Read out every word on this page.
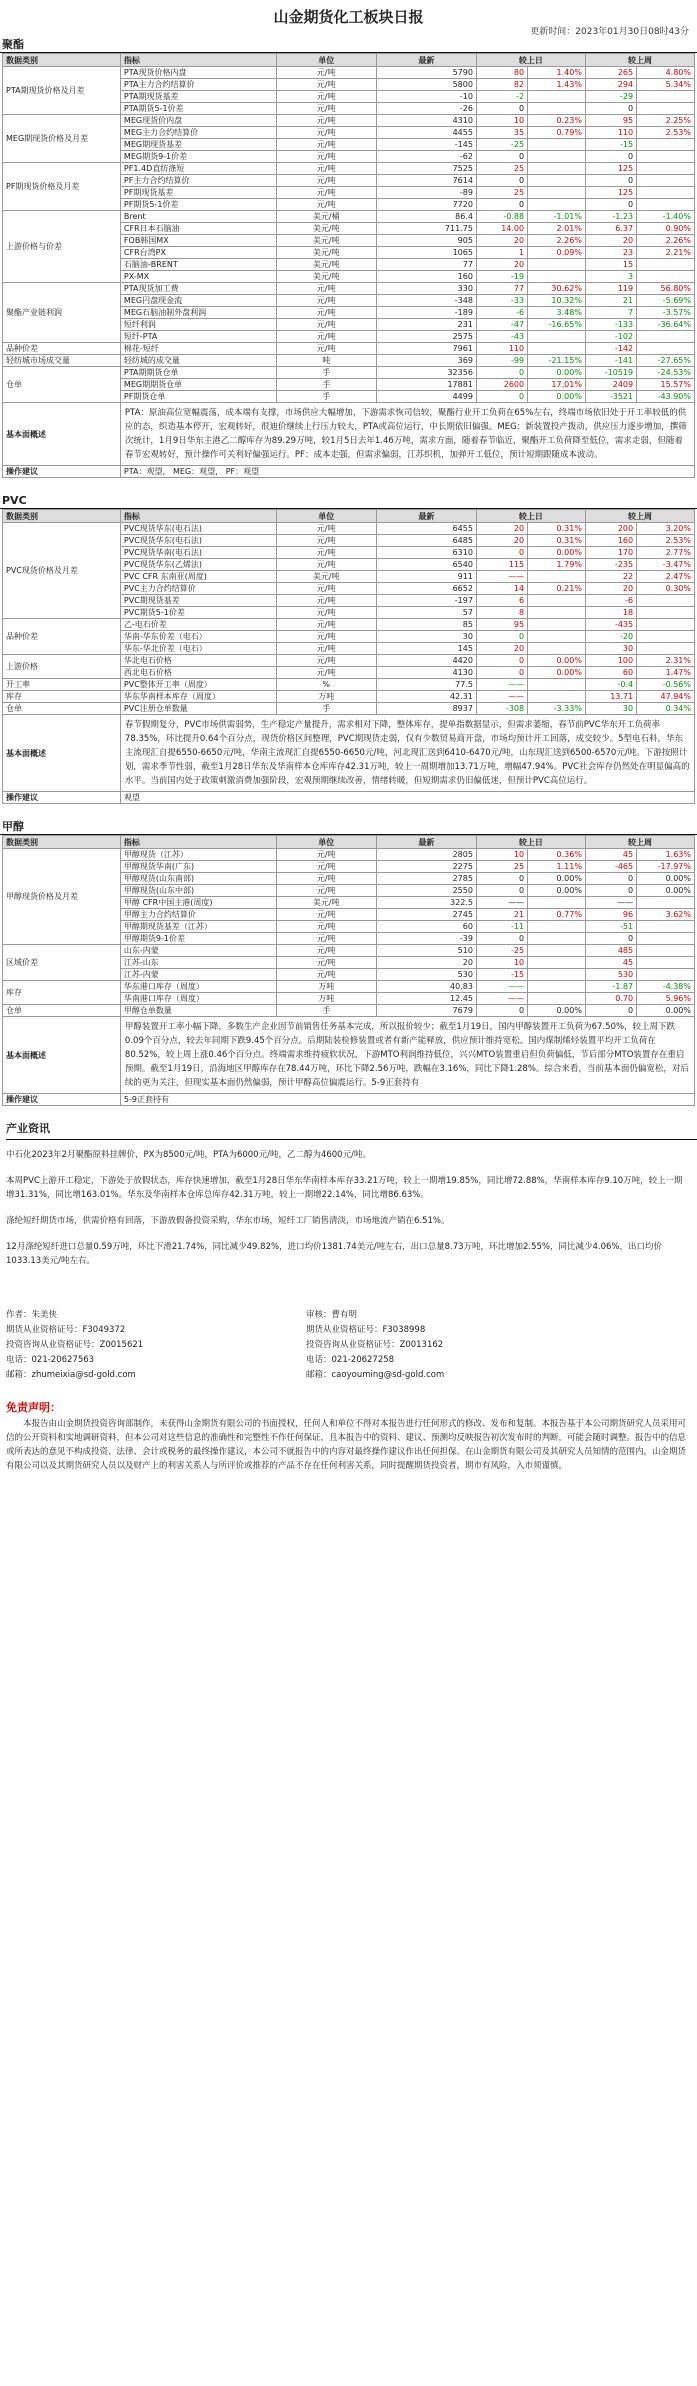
山金期货化工板块日报
更新时间：2023年01月30日08时43分
聚酯
数据类别	指标	单位	最新	较上日		较上周	
PTA期现货价格及月差	PTA现货价格内盘	元/吨	5790	80	1.40%	265	4.80%
	PTA主力合约结算价	元/吨	5800	82	1.43%	294	5.34%
	PTA期现货基差	元/吨	-10	-2		-29	
	PTA期货5-1价差	元/吨	-26	0		0	
MEG期现货价格及月差	MEG现货价内盘	元/吨	4310	10	0.23%	95	2.25%
	MEG主力合约结算价	元/吨	4455	35	0.79%	110	2.53%
	MEG期现货基差	元/吨	-145	-25		-15	
	MEG期货9-1价差	元/吨	-62	0		0	
PF期现货价格及月差	PF1.4D直纺涤短	元/吨	7525	25		125	
	PF主力合约结算价	元/吨	7614	0		0	
	PF期现货基差	元/吨	-89	25		125	
	PF期货5-1价差	元/吨	7720	0		0	
上游价格与价差	Brent	美元/桶	86.4	-0.88	-1.01%	-1.23	-1.40%
	CFR日本石脑油	美元/吨	711.75	14.00	2.01%	6.37	0.90%
	FOB韩国MX	美元/吨	905	20	2.26%	20	2.26%
	CFR台湾PX	美元/吨	1065	1	0.09%	23	2.21%
	石脑油-BRENT	美元/吨	77	20		15	
	PX-MX	美元/吨	160	-19		3	
聚酯产业链利润	PTA现货加工费	元/吨	330	77	30.62%	119	56.80%
	MEG円盘现金流	元/吨	-348	-33	10.32%	21	-5.69%
	MEG石脑油制外盘利润	元/吨	-189	-6	3.48%	7	-3.57%
	短纤利润	元/吨	231	-47	-16.65%	-133	-36.64%
	短纤-PTA	元/吨	2575	-43		-102	
品种价差	棉花-短纤	元/吨	7961	110		-142	
轻纺城市场成交量	轻纺城的成交量	吨	369	-99	-21.15%	-141	-27.65%
仓单	PTA期期货仓单	手	32356	0	0.00%	-10519	-24.53%
	MEG期期货仓单	手	17881	2600	17.01%	2409	15.57%
	PF期货仓单	手	4499	0	0.00%	-3521	-43.90%
基本面概述	PTA：原油高位宽幅震荡，成本端有支撑，市场供应大幅增加，下游需求恢司信较，聚酯行业开工负荷在65%左右，终端市场依旧处于开工率较低的供应的态，织造基本停开，宏观转好，很迪价继续上行压力较大，PTA或高位运行，中长期依旧偏强。MEG：新装置投产拨动，供应压力逐步增加，撰筛次统计，1月9日华东主港乙二醇库存为89.29万吨，较1月5日去年1.46万吨，需求方面，随着春节临近，聚酯开工负荷降至低位，需求走弱，但随着春节宏观转好，预计操作可关利好偏强运行。PF：成本走强，但需求偏弱，江苏织机，加弹开工低位，预计短期跟随成本波动。						
操作建议	PTA：观望， MEG：观望， PF：观望						
PVC
数据类别	指标	单位	最新	较上日		较上周	
PVC现货价格及月差	PVC现货华东(电石法)	元/吨	6455	20	0.31%	200	3.20%
	PVC现货华东(电石法)	元/吨	6485	20	0.31%	160	2.53%
	PVC现货华南(电石法)	元/吨	6310	0	0.00%	170	2.77%
	PVC现货华东(乙烯法)	元/吨	6540	115	1.79%	-235	-3.47%
	PVC CFR 东南亚(周度)	美元/吨	911	——		22	2.47%
	PVC主力合约结算价	元/吨	6652	14	0.21%	20	0.30%
	PVC期现货基差	元/吨	-197	6		-6	
	PVC期货5-1价差	元/吨	57	8		18	
品种价差	乙-电石价差	元/吨	85	95		-435	
	华南-华东价差（电石）	元/吨	30	0		-20	
	华东-华北价差（电石）	元/吨	145	20		30	
上游价格	华北电石价格	元/吨	4420	0	0.00%	100	2.31%
	西北电石价格	元/吨	4130	0	0.00%	60	1.47%
开工率	PVC整体开工率（周度）	%	77.5	——		-0.4	-0.56%
库存	华东华南样本库存（周度）	万吨	42.31	——		13.71	47.94%
仓单	PVC注册仓单数量	手	8937	-308	-3.33%	30	0.34%
基本面概述	春节假期复分，PVC市场供需弱势，生产稳定产量提升，需求相对下降，整体库存，提单指数据显示，但需求萎缩，春节前PVC华东开工负荷率78.35%，环比提升0.64个百分点，现货价格区间整理，PVC期现货走弱，仅有少数贸易商开盘，市场均预计开工回落，成交较少。5型电石料，华东主流现汇自提6550-6650元/吨，华南主流现汇自提6550-6650元/吨，河北现汇送到6410-6470元/吨，山东现汇送到6500-6570元/吨。下游按照计划，需求季节性弱，截至1月28日华东及华南样本仓库库存42.31万吨，较上一周期增加13.71万吨，增幅47.94%。PVC社会库存仍然处在明显偏高的水平。当前国内处于政策刺激消费加强阶段，宏观预期继续改善，情绪转暖，但短期需求仍旧偏低迷，但预计PVC高位运行。						
操作建议	观望						
甲醇
数据类别	指标	单位	最新	较上日		较上周	
甲醇现货价格及月差	甲醇现货（江苏）	元/吨	2805	10	0.36%	45	1.63%
	甲醇现货华南(广东)	元/吨	2275	25	1.11%	-465	-17.97%
	甲醇现货(山东南部)	元/吨	2785	0	0.00%	0	0.00%
	甲醇现货(山东中部)	元/吨	2550	0	0.00%	0	0.00%
	甲醇 CFR中国主港(周度)	美元/吨	322.5	——		——	
	甲醇主力合约结算价	元/吨	2745	21	0.77%	96	3.62%
	甲醇期现货基差（江苏）	元/吨	60	-11		-51	
	甲醇期货9-1价差	元/吨	-39	0		0	
区域价差	山东-内蒙	元/吨	510	-25		485	
	江苏-山东	元/吨	20	10		45	
	江苏-内蒙	元/吨	530	-15		530	
库存	华东港口库存（周度）	万吨	40.83	——		-1.87	-4.38%
	华南港口库存（周度）	万吨	12.45	——		0.70	5.96%
仓单	甲醇仓单数量	手	7679	0	0.00%	0	0.00%
基本面概述	甲醇装置开工率小幅下降，多数生产企业因节前销售任务基本完成，所以报价较少；截至1月19日，国内甲醇装置开工负荷为67.50%，较上周下跌0.09个百分点，较去年同期下跌9.45个百分点。后期陆装检修装置或者有新产能释放，供应预计维持宽松。国内煤制烯烃装置平均开工负荷在80.52%，较上周上涨0.46个百分点。终端需求维持疲软状况，下游MTO利润维持低位，兴兴MTO装置重启但负荷偏低，节后部分MTO装置存在重启预期。截至1月19日，沿海地区甲醇库存在78.44万吨，环比下降2.56万吨，跌幅在3.16%，同比下降1.28%。综合来看，当前基本面仍偏宽松，对后续的更为关注，但现实基本面仍然偏弱，预计甲醇高位偏震运行。5-9正套持有						
操作建议	5-9正套持有						
产业资讯

中石化2023年2月聚酯原料挂牌价，PX为8500元/吨，PTA为6000元/吨，乙二醇为4600元/吨。

本周PVC上游开工稳定，下游处于放假状态，库存快速增加，截至1月28日华东华南样本库存33.21万吨，较上一期增19.85%，同比增72.88%，华南样本库存9.10万吨，较上一期增31.31%，同比增163.01%。华东及华南样本仓库总库存42.31万吨，较上一期增22.14%，同比增86.63%。

涤纶短纤期货市场，供需价格有回落，下游放假备投资采购，华东市场，短纤工厂销售清淡，市场地流产销在6.51%。

12月涤纶短纤进口总量0.59万吨，环比下滑21.74%，同比减少49.82%，进口均价1381.74美元/吨左右，出口总量8.73万吨，环比增加2.55%，同比减少4.06%，出口均价1033.13美元/吨左右。

作者：朱美侠
期货从业资格证号：F3049372
投资咨询从业资格证号：Z0015621
电话：021-20627563
邮箱：zhumeixia@sd-gold.com
审核：曹有明
期货从业资格证号：F3038998
投资咨询从业资格证号：Z0013162
电话：021-20627258
邮箱：caoyouming@sd-gold.com
免责声明：
本报告由山金期货投资咨询部制作，未获得山金期货有限公司的书面授权，任何人和单位不得对本报告进行任何形式的修改、发布和复制。本报告基于本公司期货研究人员采用可信的公开资料和实地调研资料，但本公司对这些信息的准确性和完整性不作任何保证，且本报告中的资料、建议、预测均反映报告初次发布时的判断，可能会随时调整。报告中的信息或所表达的意见不构成投资、法律、会计或税务的最终操作建议，本公司不就报告中的内容对最终操作建议作出任何担保。在山金期货有限公司及其研究人员知情的范围内，山金期货有限公司以及其期货研究人员以及财产上的利害关系人与所评价或推荐的产品不存在任何利害关系，同时提醒期货投资者，期市有风险，入市须谨慎。
